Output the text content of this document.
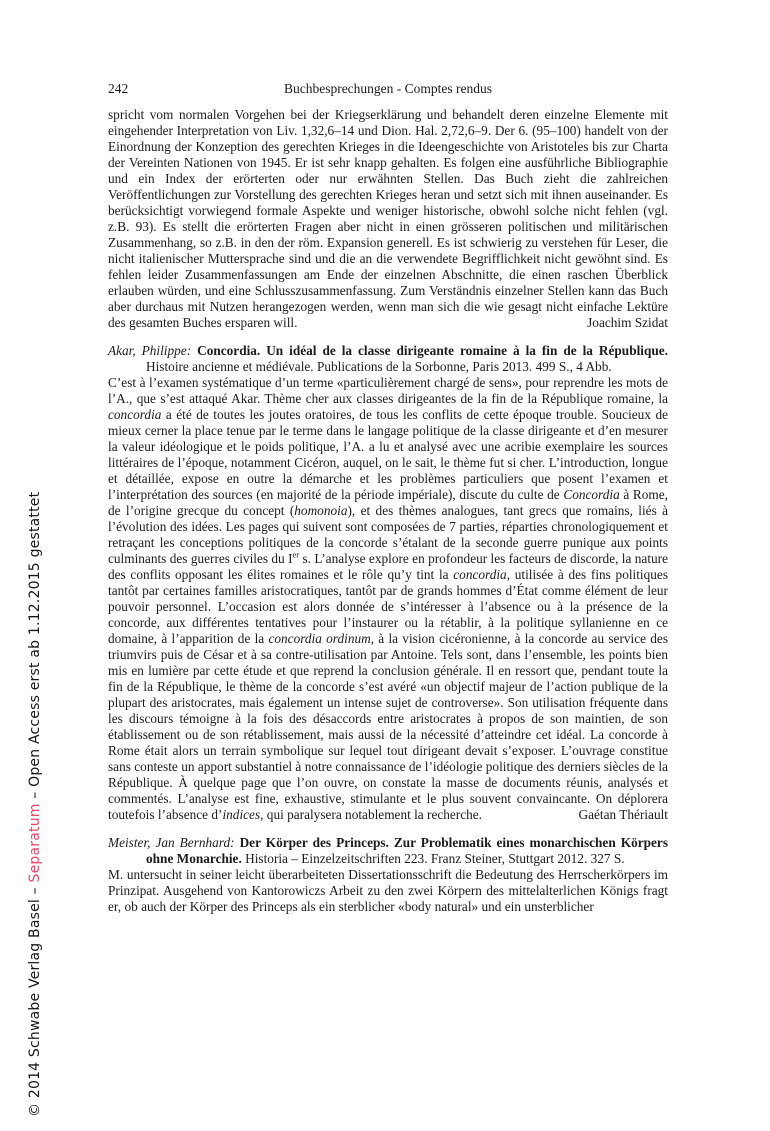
© 2014 Schwabe Verlag Basel – Separatum – Open Access erst ab 1.12.2015 gestattet
242	Buchbesprechungen - Comptes rendus

spricht vom normalen Vorgehen bei der Kriegserklärung und behandelt deren einzelne Elemente mit eingehender Interpretation von Liv. 1,32,6–14 und Dion. Hal. 2,72,6–9. Der 6. (95–100) handelt von der Einordnung der Konzeption des gerechten Krieges in die Ideengeschichte von Aristoteles bis zur Charta der Vereinten Nationen von 1945. Er ist sehr knapp gehalten. Es folgen eine ausführliche Bibliographie und ein Index der erörterten oder nur erwähnten Stellen. Das Buch zieht die zahlreichen Veröffentlichungen zur Vorstellung des gerechten Krieges heran und setzt sich mit ihnen auseinander. Es berücksichtigt vorwiegend formale Aspekte und weniger historische, obwohl solche nicht fehlen (vgl. z.B. 93). Es stellt die erörterten Fragen aber nicht in einen grösseren politischen und militärischen Zusammenhang, so z.B. in den der röm. Expansion generell. Es ist schwierig zu verstehen für Leser, die nicht italienischer Muttersprache sind und die an die verwendete Begrifflichkeit nicht gewöhnt sind. Es fehlen leider Zusammenfassungen am Ende der einzelnen Abschnitte, die einen raschen Überblick erlauben würden, und eine Schlusszusammenfassung. Zum Verständnis einzelner Stellen kann das Buch aber durchaus mit Nutzen herangezogen werden, wenn man sich die wie gesagt nicht einfache Lektüre des gesamten Buches ersparen will.	Joachim Szidat

Akar, Philippe: Concordia. Un idéal de la classe dirigeante romaine à la fin de la République. Histoire ancienne et médiévale. Publications de la Sorbonne, Paris 2013. 499 S., 4 Abb.

C’est à l’examen systématique d’un terme «particulièrement chargé de sens», pour reprendre les mots de l’A., que s’est attaqué Akar. Thème cher aux classes dirigeantes de la fin de la République romaine, la concordia a été de toutes les joutes oratoires, de tous les conflits de cette époque trouble. Soucieux de mieux cerner la place tenue par le terme dans le langage politique de la classe dirigeante et d’en mesurer la valeur idéologique et le poids politique, l’A. a lu et analysé avec une acribie exemplaire les sources littéraires de l’époque, notamment Cicéron, auquel, on le sait, le thème fut si cher. L’introduction, longue et détaillée, expose en outre la démarche et les problèmes particuliers que posent l’examen et l’interprétation des sources (en majorité de la période impériale), discute du culte de Concordia à Rome, de l’origine grecque du concept (homonoia), et des thèmes analogues, tant grecs que romains, liés à l’évolution des idées. Les pages qui suivent sont composées de 7 parties, réparties chronologiquement et retraçant les conceptions politiques de la concorde s’étalant de la seconde guerre punique aux points culminants des guerres civiles du Ier s. L’analyse explore en profondeur les facteurs de discorde, la nature des conflits opposant les élites romaines et le rôle qu’y tint la concordia, utilisée à des fins politiques tantôt par certaines familles aristocratiques, tantôt par de grands hommes d’État comme élément de leur pouvoir personnel. L’occasion est alors donnée de s’intéresser à l’absence ou à la présence de la concorde, aux différentes tentatives pour l’instaurer ou la rétablir, à la politique syllanienne en ce domaine, à l’apparition de la concordia ordinum, à la vision cicéronienne, à la concorde au service des triumvirs puis de César et à sa contre-utilisation par Antoine. Tels sont, dans l’ensemble, les points bien mis en lumière par cette étude et que reprend la conclusion générale. Il en ressort que, pendant toute la fin de la République, le thème de la concorde s’est avéré «un objectif majeur de l’action publique de la plupart des aristocrates, mais également un intense sujet de controverse». Son utilisation fréquente dans les discours témoigne à la fois des désaccords entre aristocrates à propos de son maintien, de son établissement ou de son rétablissement, mais aussi de la nécessité d’atteindre cet idéal. La concorde à Rome était alors un terrain symbolique sur lequel tout dirigeant devait s’exposer. L’ouvrage constitue sans conteste un apport substantiel à notre connaissance de l’idéologie politique des derniers siècles de la République. À quelque page que l’on ouvre, on constate la masse de documents réunis, analysés et commentés. L’analyse est fine, exhaustive, stimulante et le plus souvent convaincante. On déplorera toutefois l’absence d’indices, qui paralysera notablement la recherche.	Gaétan Thériault

Meister, Jan Bernhard: Der Körper des Princeps. Zur Problematik eines monarchischen Körpers ohne Monarchie. Historia – Einzelzeitschriften 223. Franz Steiner, Stuttgart 2012. 327 S.

M. untersucht in seiner leicht überarbeiteten Dissertationsschrift die Bedeutung des Herrscherkörpers im Prinzipat. Ausgehend von Kantorowiczs Arbeit zu den zwei Körpern des mittelalterlichen Königs fragt er, ob auch der Körper des Princeps als ein sterblicher «body natural» und ein unsterblicher
